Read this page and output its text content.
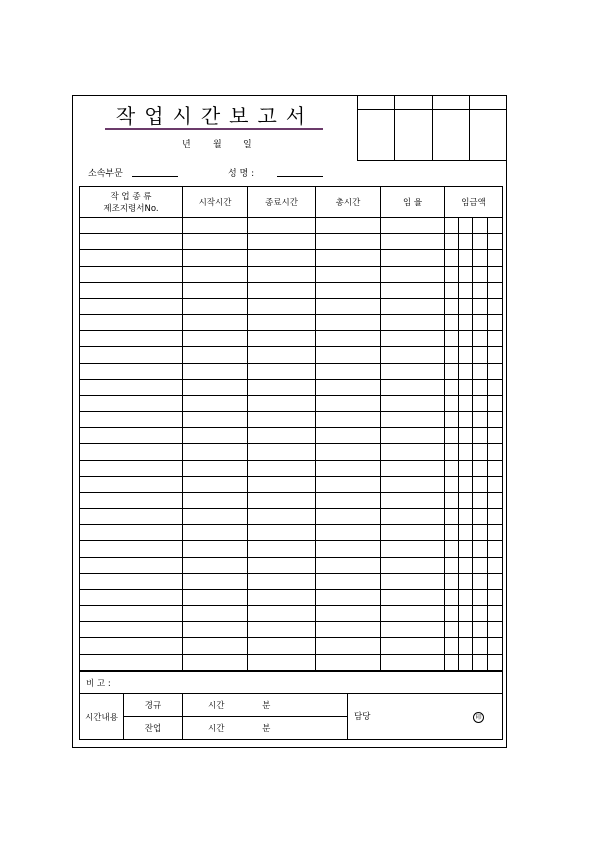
작업시간보고서
년 월 일

소속부문	성 명 :
작 업 종 류
제조지령서No.	시작시간	종료시간	총시간	임 율	임금액			

비 고 :			
시간내용	경규	시간 분	담당 印
	잔업	시간 분	
